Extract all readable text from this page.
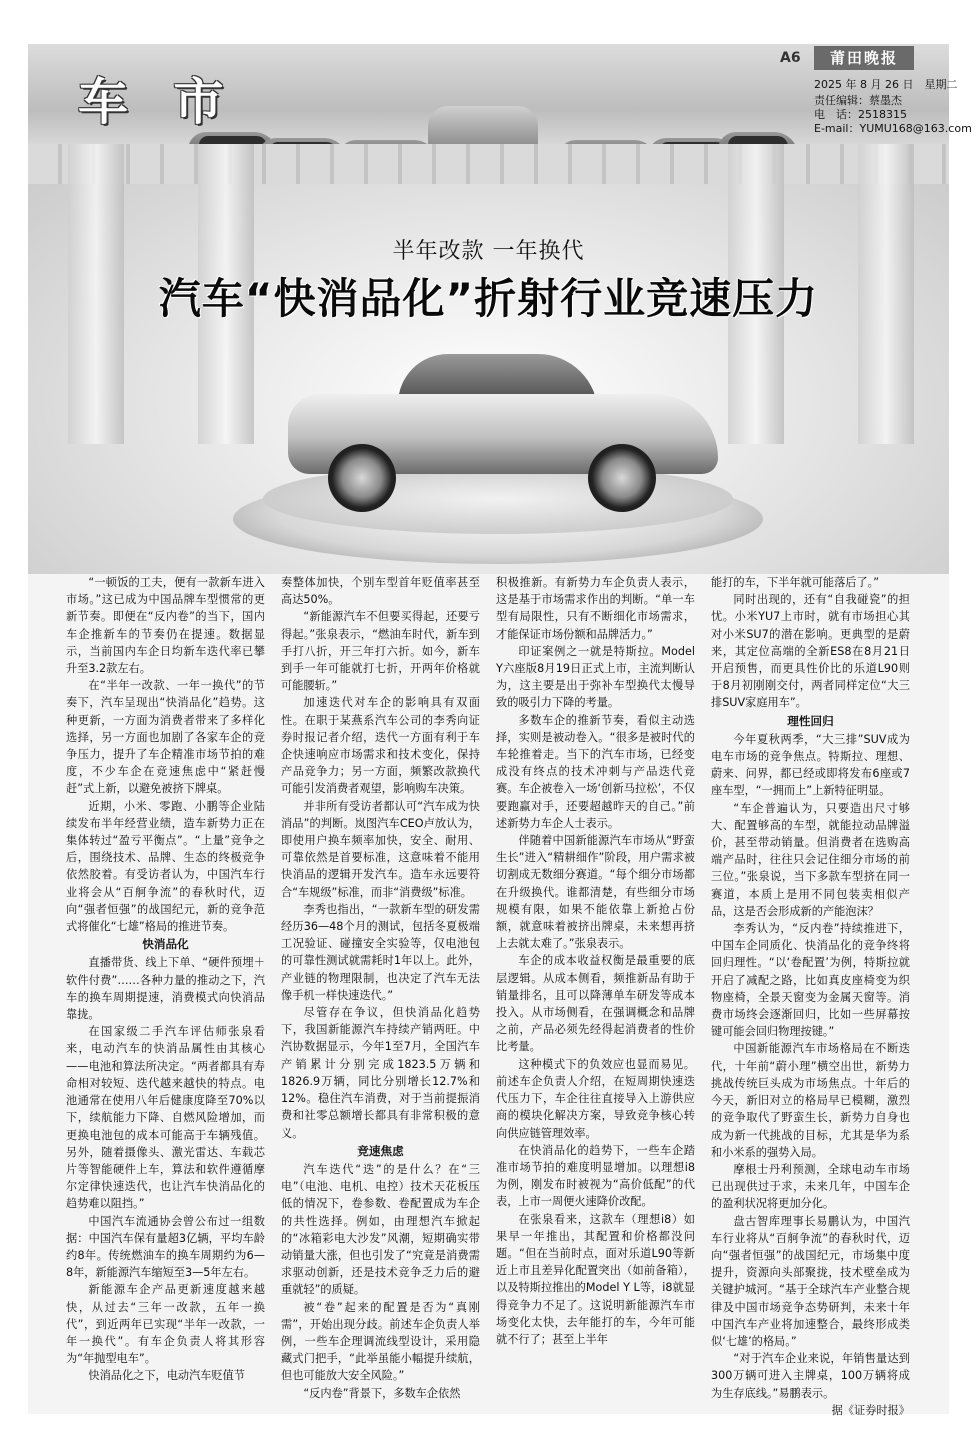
车 市
A6	莆田晚报
2025 年 8 月 26 日　星期二
责任编辑：蔡墨杰
电　话：2518315
E-mail：YUMU168@163.com
半年改款 一年换代
汽车“快消品化”折射行业竞速压力

“一顿饭的工夫，便有一款新车进入市场。”这已成为中国品牌车型惯常的更新节奏。即便在“反内卷”的当下，国内车企推新车的节奏仍在提速。数据显示，当前国内车企日均新车迭代率已攀升至3.2款左右。

在“半年一改款、一年一换代”的节奏下，汽车呈现出“快消品化”趋势。这种更新，一方面为消费者带来了多样化选择，另一方面也加剧了各家车企的竞争压力，提升了车企精准市场节拍的难度，不少车企在竞速焦虑中“紧赶慢赶”式上新，以避免被挤下牌桌。

近期，小米、零跑、小鹏等企业陆续发布半年经营业绩，造车新势力正在集体转过“盈亏平衡点”。“上量”竞争之后，围绕技术、品牌、生态的终极竞争依然胶着。有受访者认为，中国汽车行业将会从“百舸争流”的春秋时代，迈向“强者恒强”的战国纪元，新的竞争范式将催化“七雄”格局的推进节奏。

快消品化

直播带货、线上下单、“硬件预埋＋软件付费”……各种力量的推动之下，汽车的换车周期提速，消费模式向快消品靠拢。

在国家级二手汽车评估师张泉看来，电动汽车的快消品属性由其核心——电池和算法所决定。“两者都具有寿命相对较短、迭代越来越快的特点。电池通常在使用八年后健康度降至70%以下，续航能力下降、自燃风险增加，而更换电池包的成本可能高于车辆残值。另外，随着摄像头、激光雷达、车载芯片等智能硬件上车，算法和软件遵循摩尔定律快速迭代，也让汽车快消品化的趋势难以阻挡。”

中国汽车流通协会曾公布过一组数据：中国汽车保有量超3亿辆，平均车龄约8年。传统燃油车的换车周期约为6—8年，新能源汽车缩短至3—5年左右。

新能源车企产品更新速度越来越快，从过去“三年一改款，五年一换代”，到近两年已实现“半年一改款，一年一换代”。有车企负责人将其形容为“年抛型电车”。

快消品化之下，电动汽车贬值节

奏整体加快，个别车型首年贬值率甚至高达50%。

“新能源汽车不但要买得起，还要亏得起。”张泉表示，“燃油车时代，新车到手打八折，开三年打六折。如今，新车到手一年可能就打七折，开两年价格就可能腰斩。”

加速迭代对车企的影响具有双面性。在职于某燕系汽车公司的李秀向证券时报记者介绍，迭代一方面有利于车企快速响应市场需求和技术变化，保持产品竞争力；另一方面，频繁改款换代可能引发消费者观望，影响购车决策。

并非所有受访者都认可“汽车成为快消品”的判断。岚图汽车CEO卢放认为，即使用户换车频率加快，安全、耐用、可靠依然是首要标准，这意味着不能用快消品的逻辑开发汽车。造车永远要符合“车规级”标准，而非“消费级”标准。

李秀也指出，“一款新车型的研发需经历36—48个月的测试，包括冬夏极端工况验证、碰撞安全实验等，仅电池包的可靠性测试就需耗时1年以上。此外，产业链的物理限制，也决定了汽车无法像手机一样快速迭代。”

尽管存在争议，但快消品化趋势下，我国新能源汽车持续产销两旺。中汽协数据显示，今年1至7月，全国汽车产销累计分别完成1823.5万辆和1826.9万辆，同比分别增长12.7%和12%。稳住汽车消费，对于当前提振消费和社零总额增长都具有非常积极的意义。

竞速焦虑

汽车迭代“迭”的是什么？在“三电”（电池、电机、电控）技术天花板压低的情况下，卷参数、卷配置成为车企的共性选择。例如，由理想汽车掀起的“冰箱彩电大沙发”风潮，短期确实带动销量大涨，但也引发了“究竟是消费需求驱动创新，还是技术竞争乏力后的避重就轻”的质疑。

被“卷”起来的配置是否为“真刚需”，开始出现分歧。前述车企负责人举例，一些车企理调流线型设计，采用隐藏式门把手，“此举虽能小幅提升续航，但也可能放大安全风险。”

“反内卷”背景下，多数车企依然

积极推新。有新势力车企负责人表示，这是基于市场需求作出的判断。“单一车型有局限性，只有不断细化市场需求，才能保证市场份额和品牌活力。”

印证案例之一就是特斯拉。Model Y六座版8月19日正式上市，主流判断认为，这主要是出于弥补车型换代太慢导致的吸引力下降的考量。

多数车企的推新节奏，看似主动选择，实则是被动卷入。“很多是被时代的车轮推着走。当下的汽车市场，已经变成没有终点的技术冲刺与产品迭代竞赛。车企被卷入一场‘创新马拉松’，不仅要跑赢对手，还要超越昨天的自己。”前述新势力车企人士表示。

伴随着中国新能源汽车市场从“野蛮生长”进入“精耕细作”阶段，用户需求被切割成无数细分赛道。“每个细分市场都在升级换代。谁都清楚，有些细分市场规模有限，如果不能依靠上新抢占份额，就意味着被挤出牌桌，未来想再挤上去就太难了。”张泉表示。

车企的成本收益权衡是最重要的底层逻辑。从成本侧看，频推新品有助于销量排名，且可以降薄单车研发等成本投入。从市场侧看，在强调概念和品牌之前，产品必须先经得起消费者的性价比考量。

这种模式下的负效应也显而易见。前述车企负责人介绍，在短周期快速迭代压力下，车企往往直接导入上游供应商的模块化解决方案，导致竞争核心转向供应链管理效率。

在快消品化的趋势下，一些车企踏准市场节拍的难度明显增加。以理想i8为例，刚发布时被视为“高价低配”的代表，上市一周便火速降价改配。

在张泉看来，这款车（理想i8）如果早一年推出，其配置和价格都没问题。“但在当前时点，面对乐道L90等新近上市且差异化配置突出（如前备箱），以及特斯拉推出的Model Y L等，i8就显得竞争力不足了。这说明新能源汽车市场变化太快，去年能打的车，今年可能就不行了；甚至上半年

能打的车，下半年就可能落后了。”

同时出现的，还有“自我碰瓷”的担忧。小米YU7上市时，就有市场担心其对小米SU7的潜在影响。更典型的是蔚来，其定位高端的全新ES8在8月21日开启预售，而更具性价比的乐道L90则于8月初刚刚交付，两者同样定位“大三排SUV家庭用车”。

理性回归

今年夏秋两季，“大三排”SUV成为电车市场的竞争焦点。特斯拉、理想、蔚来、问界，都已经或即将发布6座或7座车型，“一拥而上”上新特征明显。

“车企普遍认为，只要造出尺寸够大、配置够高的车型，就能拉动品牌溢价，甚至带动销量。但消费者在选购高端产品时，往往只会记住细分市场的前三位。”张泉说，当下多款车型挤在同一赛道，本质上是用不同包装卖相似产品，这是否会形成新的产能泡沫？

李秀认为，“反内卷”持续推进下，中国车企同质化、快消品化的竞争终将回归理性。“以‘卷配置’为例，特斯拉就开启了减配之路，比如真皮座椅变为织物座椅，全景天窗变为金属天窗等。消费市场终会逐渐回归，比如一些屏幕按键可能会回归物理按键。”

中国新能源汽车市场格局在不断迭代，十年前“蔚小理”横空出世，新势力挑战传统巨头成为市场焦点。十年后的今天，新旧对立的格局早已模糊，激烈的竞争取代了野蛮生长，新势力自身也成为新一代挑战的目标，尤其是华为系和小米系的强势入局。

摩根士丹利预测，全球电动车市场已出现供过于求，未来几年，中国车企的盈利状况将更加分化。

盘古智库理事长易鹏认为，中国汽车行业将从“百舸争流”的春秋时代，迈向“强者恒强”的战国纪元，市场集中度提升，资源向头部聚拢，技术壁垒成为关键护城河。“基于全球汽车产业整合规律及中国市场竞争态势研判，未来十年中国汽车产业将加速整合，最终形成类似‘七雄’的格局。”

“对于汽车企业来说，年销售量达到300万辆可进入主牌桌，100万辆将成为生存底线。”易鹏表示。

据《证券时报》
